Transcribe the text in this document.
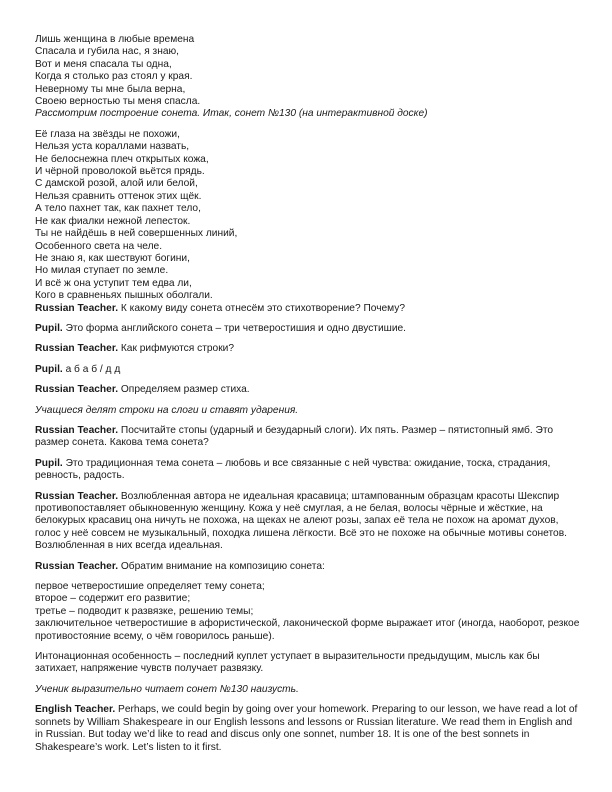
Лишь женщина в любые времена
Спасала и губила нас, я знаю,
Вот и меня спасала ты одна,
Когда я столько раз стоял у края.
Неверному ты мне была верна,
Своею верностью ты меня спасла.
Рассмотрим построение сонета. Итак, сонет №130 (на интерактивной доске)
Её глаза на звёзды не похожи,
Нельзя уста кораллами назвать,
Не белоснежна плеч открытых кожа,
И чёрной проволокой вьётся прядь.
С дамской розой, алой или белой,
Нельзя сравнить оттенок этих щёк.
А тело пахнет так, как пахнет тело,
Не как фиалки нежной лепесток.
Ты не найдёшь в ней совершенных линий,
Особенного света на челе.
Не знаю я, как шествуют богини,
Но милая ступает по земле.
И всё ж она уступит тем едва ли,
Кого в сравненьях пышных оболгали.

Russian Teacher. К какому виду сонета отнесём это стихотворение? Почему?

Pupil. Это форма английского сонета – три четверостишия и одно двустишие.

Russian Teacher. Как рифмуются строки?

Pupil. а б а б / д д

Russian Teacher. Определяем размер стиха.

Учащиеся делят строки на слоги и ставят ударения.

Russian Teacher. Посчитайте стопы (ударный и безударный слоги). Их пять. Размер – пятистопный ямб. Это размер сонета. Какова тема сонета?

Pupil. Это традиционная тема сонета – любовь и все связанные с ней чувства: ожидание, тоска, страдания, ревность, радость.

Russian Teacher. Возлюбленная автора не идеальная красавица; штампованным образцам красоты Шекспир противопоставляет обыкновенную женщину. Кожа у неё смуглая, а не белая, волосы чёрные и жёсткие, на белокурых красавиц она ничуть не похожа, на щеках не алеют розы, запах её тела не похож на аромат духов, голос у неё совсем не музыкальный, походка лишена лёгкости. Всё это не похоже на обычные мотивы сонетов. Возлюбленная в них всегда идеальная.

Russian Teacher. Обратим внимание на композицию сонета:

первое четверостишие определяет тему сонета;

второе – содержит его развитие;

третье – подводит к развязке, решению темы;

заключительное четверостишие в афористической, лаконической форме выражает итог (иногда, наоборот, резкое противостояние всему, о чём говорилось раньше).

Интонационная особенность – последний куплет уступает в выразительности предыдущим, мысль как бы затихает, напряжение чувств получает развязку.

Ученик выразительно читает сонет №130 наизусть.

English Teacher. Perhaps, we could begin by going over your homework. Preparing to our lesson, we have read a lot of sonnets by William Shakespeare in our English lessons and lessons or Russian literature. We read them in English and in Russian. But today we’d like to read and discus only one sonnet, number 18. It is one of the best sonnets in Shakespeare’s work. Let’s listen to it first.
